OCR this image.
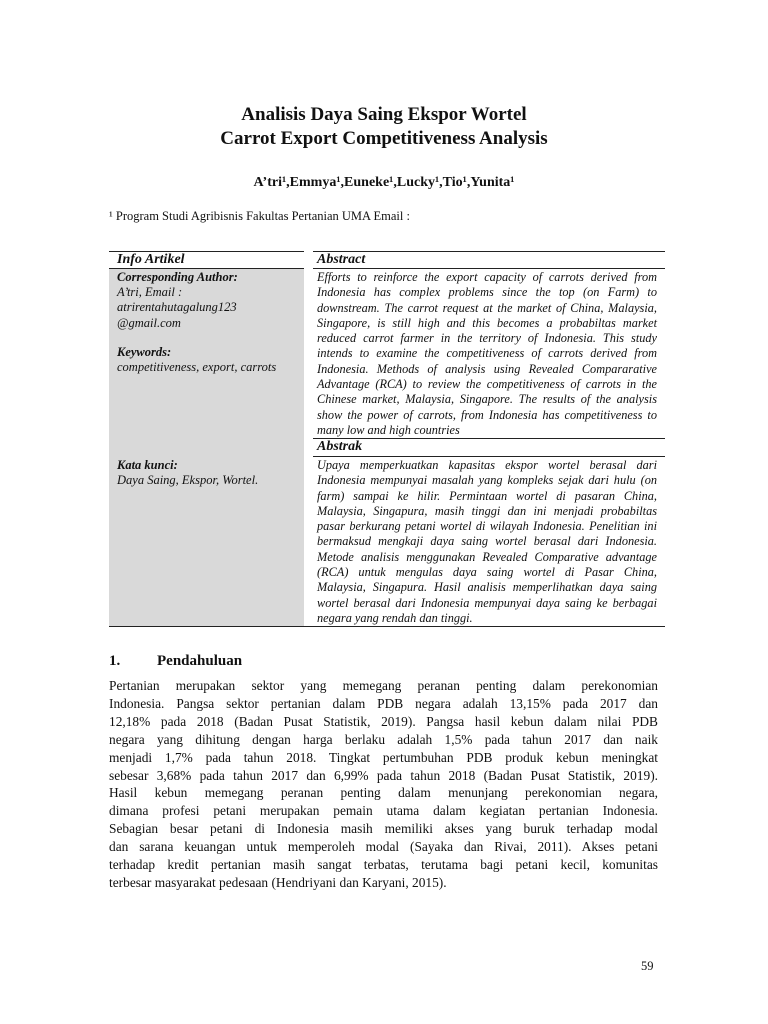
Analisis Daya Saing Ekspor Wortel
Carrot Export Competitiveness Analysis
A’tri¹,Emmya¹,Euneke¹,Lucky¹,Tio¹,Yunita¹
¹ Program Studi Agribisnis Fakultas Pertanian UMA Email :
Info Artikel	Abstract
Abstrak
Corresponding Author:
A’tri, Email :
atrirentahutagalung123
@gmail.com
Keywords:
competitiveness, export, carrots
Kata kunci:
Daya Saing, Ekspor, Wortel.
Efforts to reinforce the export capacity of carrots derived from
Indonesia has complex problems since the top (on Farm) to
downstream. The carrot request at the market of China, Malaysia,
Singapore, is still high and this becomes a probabiltas market
reduced carrot farmer in the territory of Indonesia. This study
intends to examine the competitiveness of carrots derived from
Indonesia. Methods of analysis using Revealed Compararative
Advantage (RCA) to review the competitiveness of carrots in the
Chinese market, Malaysia, Singapore. The results of the analysis
show the power of carrots, from Indonesia has competitiveness to
many low and high countries
Upaya memperkuatkan kapasitas ekspor wortel berasal dari
Indonesia mempunyai masalah yang kompleks sejak dari hulu (on
farm) sampai ke hilir. Permintaan wortel di pasaran China,
Malaysia, Singapura, masih tinggi dan ini menjadi probabiltas
pasar berkurang petani wortel di wilayah Indonesia. Penelitian ini
bermaksud mengkaji daya saing wortel berasal dari Indonesia.
Metode analisis menggunakan Revealed Comparative advantage
(RCA) untuk mengulas daya saing wortel di Pasar China,
Malaysia, Singapura. Hasil analisis memperlihatkan daya saing
wortel berasal dari Indonesia mempunyai daya saing ke berbagai
negara yang rendah dan tinggi.
1. Pendahuluan
Pertanian merupakan sektor yang memegang peranan penting dalam perekonomian
Indonesia. Pangsa sektor pertanian dalam PDB negara adalah 13,15% pada 2017 dan
12,18% pada 2018 (Badan Pusat Statistik, 2019). Pangsa hasil kebun dalam nilai PDB
negara yang dihitung dengan harga berlaku adalah 1,5% pada tahun 2017 dan naik
menjadi 1,7% pada tahun 2018. Tingkat pertumbuhan PDB produk kebun meningkat
sebesar 3,68% pada tahun 2017 dan 6,99% pada tahun 2018 (Badan Pusat Statistik, 2019).
Hasil kebun memegang peranan penting dalam menunjang perekonomian negara,
dimana profesi petani merupakan pemain utama dalam kegiatan pertanian Indonesia.
Sebagian besar petani di Indonesia masih memiliki akses yang buruk terhadap modal
dan sarana keuangan untuk memperoleh modal (Sayaka dan Rivai, 2011). Akses petani
terhadap kredit pertanian masih sangat terbatas, terutama bagi petani kecil, komunitas
terbesar masyarakat pedesaan (Hendriyani dan Karyani, 2015).
59
